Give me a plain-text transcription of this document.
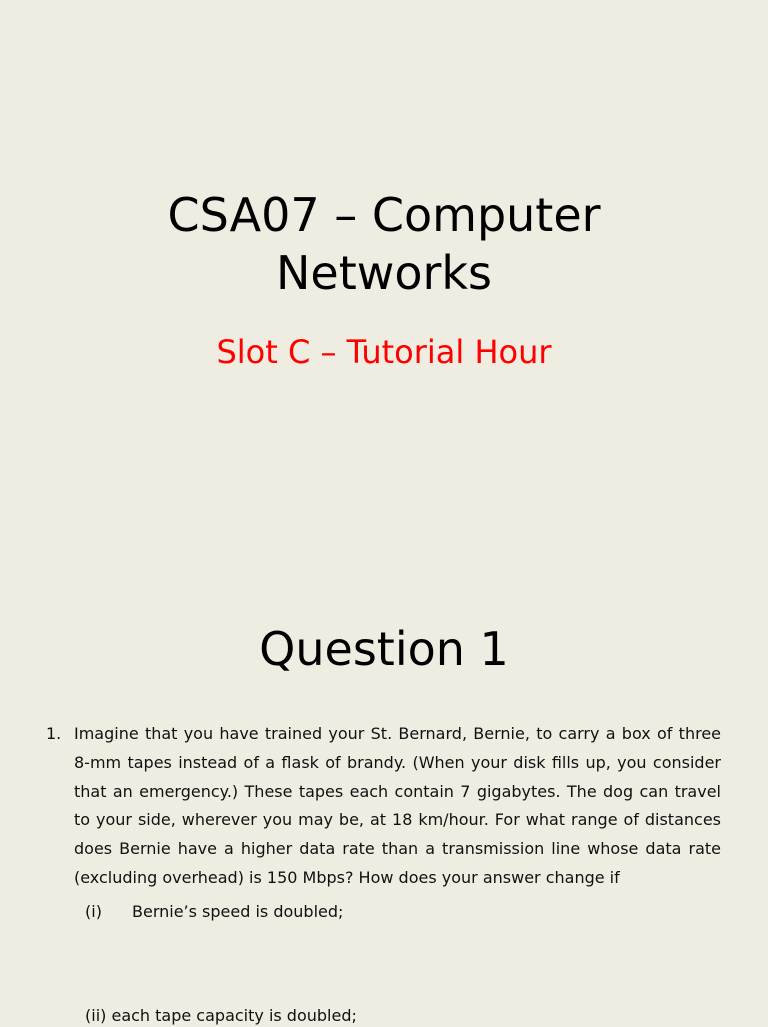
CSA07 – Computer
Networks

Slot C – Tutorial Hour

Question 1
1. Imagine that you have trained your St. Bernard, Bernie, to carry a box of three 8-mm tapes instead of a flask of brandy. (When your disk fills up, you consider that an emergency.) These tapes each contain 7 gigabytes. The dog can travel to your side, wherever you may be, at 18 km/hour. For what range of distances does Bernie have a higher data rate than a transmission line whose data rate (excluding overhead) is 150 Mbps? How does your answer change if
(i) Bernie’s speed is doubled;
(ii) each tape capacity is doubled;
